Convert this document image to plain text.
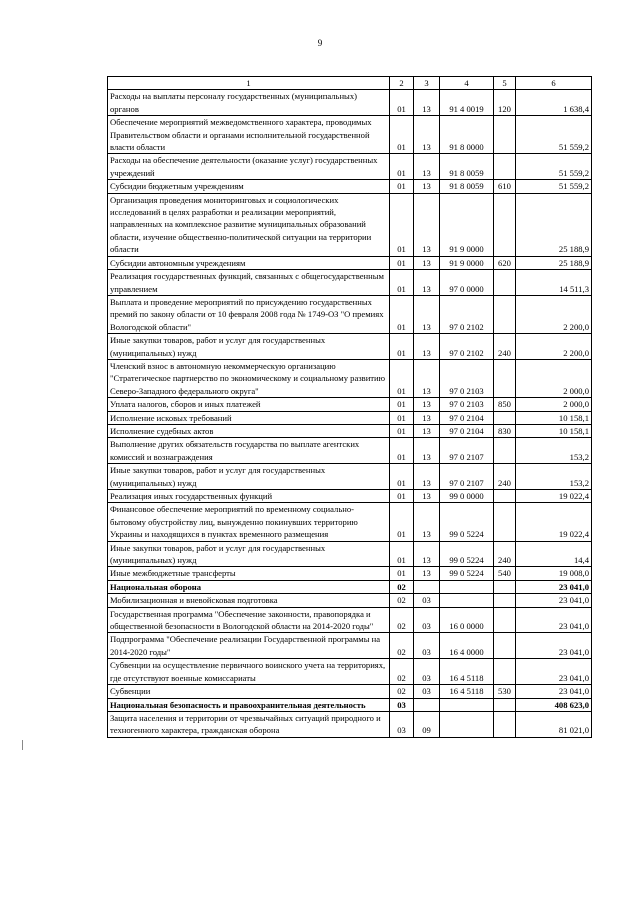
9
1	2	3	4	5	6
Расходы на выплаты персоналу государственных (муниципальных) органов	01	13	91 4 0019	120	1 638,4
Обеспечение мероприятий межведомственного характера, проводимых Правительством области и органами исполнительной государственной власти области	01	13	91 8 0000		51 559,2
Расходы на обеспечение деятельности (оказание услуг) государственных учреждений	01	13	91 8 0059		51 559,2
Субсидии бюджетным учреждениям	01	13	91 8 0059	610	51 559,2
Организация проведения мониторинговых и социологических исследований в целях разработки и реализации мероприятий, направленных на комплексное развитие муниципальных образований области, изучение общественно-политической ситуации на территории области	01	13	91 9 0000		25 188,9
Субсидии автономным учреждениям	01	13	91 9 0000	620	25 188,9
Реализация государственных функций, связанных с общегосударственным управлением	01	13	97 0 0000		14 511,3
Выплата и проведение мероприятий по присуждению государственных премий по закону области от 10 февраля 2008 года № 1749-ОЗ "О премиях Вологодской области"	01	13	97 0 2102		2 200,0
Иные закупки товаров, работ и услуг для государственных (муниципальных) нужд	01	13	97 0 2102	240	2 200,0
Членский взнос в автономную некоммерческую организацию "Стратегическое партнерство по экономическому и социальному развитию Северо-Западного федерального округа"	01	13	97 0 2103		2 000,0
Уплата налогов, сборов и иных платежей	01	13	97 0 2103	850	2 000,0
Исполнение исковых требований	01	13	97 0 2104		10 158,1
Исполнение судебных актов	01	13	97 0 2104	830	10 158,1
Выполнение других обязательств государства по выплате агентских комиссий и вознаграждения	01	13	97 0 2107		153,2
Иные закупки товаров, работ и услуг для государственных (муниципальных) нужд	01	13	97 0 2107	240	153,2
Реализация иных государственных функций	01	13	99 0 0000		19 022,4
Финансовое обеспечение мероприятий по временному социально-бытовому обустройству лиц, вынужденно покинувших территорию Украины и находящихся в пунктах временного размещения	01	13	99 0 5224		19 022,4
Иные закупки товаров, работ и услуг для государственных (муниципальных) нужд	01	13	99 0 5224	240	14,4
Иные межбюджетные трансферты	01	13	99 0 5224	540	19 008,0
Национальная оборона	02				23 041,0
Мобилизационная и вневойсковая подготовка	02	03			23 041,0
Государственная программа "Обеспечение законности, правопорядка и общественной безопасности в Вологодской области на 2014-2020 годы"	02	03	16 0 0000		23 041,0
Подпрограмма "Обеспечение реализации Государственной программы на 2014-2020 годы"	02	03	16 4 0000		23 041,0
Субвенции на осуществление первичного воинского учета на территориях, где отсутствуют военные комиссариаты	02	03	16 4 5118		23 041,0
Субвенции	02	03	16 4 5118	530	23 041,0
Национальная безопасность и правоохранительная деятельность	03				408 623,0
Защита населения и территории от чрезвычайных ситуаций природного и техногенного характера, гражданская оборона	03	09			81 021,0
